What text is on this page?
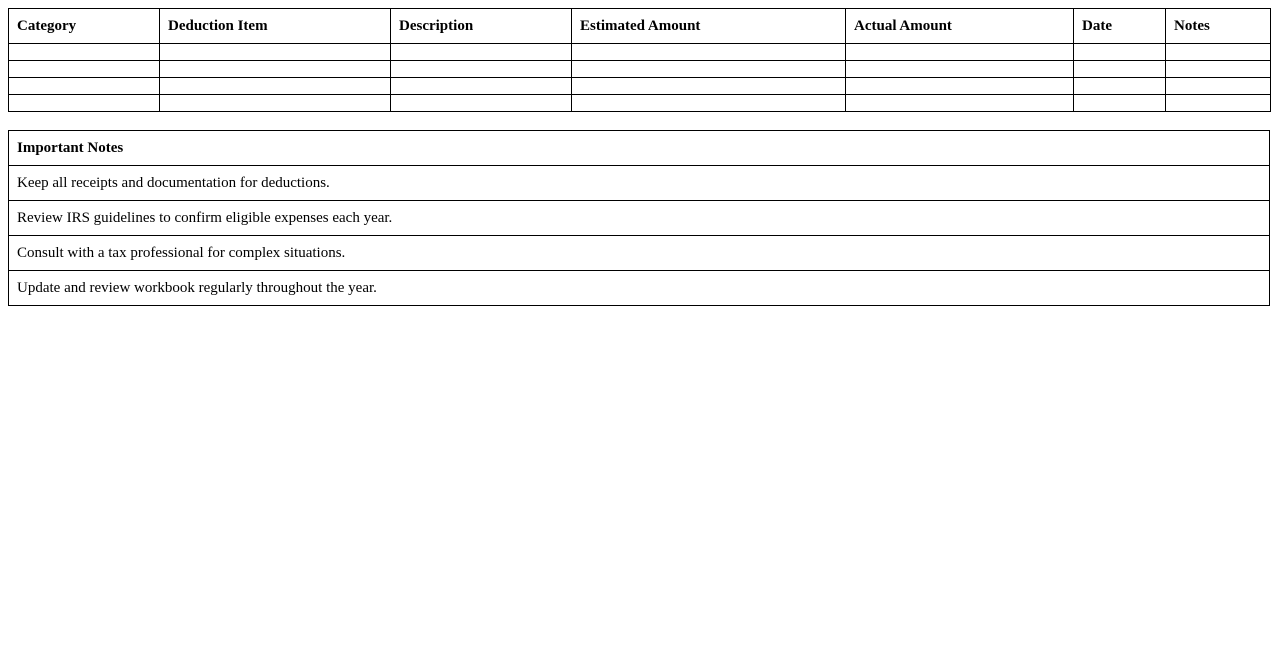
Category	Deduction Item	Description	Estimated Amount	Actual Amount	Date	Notes

Important Notes
Keep all receipts and documentation for deductions.
Review IRS guidelines to confirm eligible expenses each year.
Consult with a tax professional for complex situations.
Update and review workbook regularly throughout the year.
